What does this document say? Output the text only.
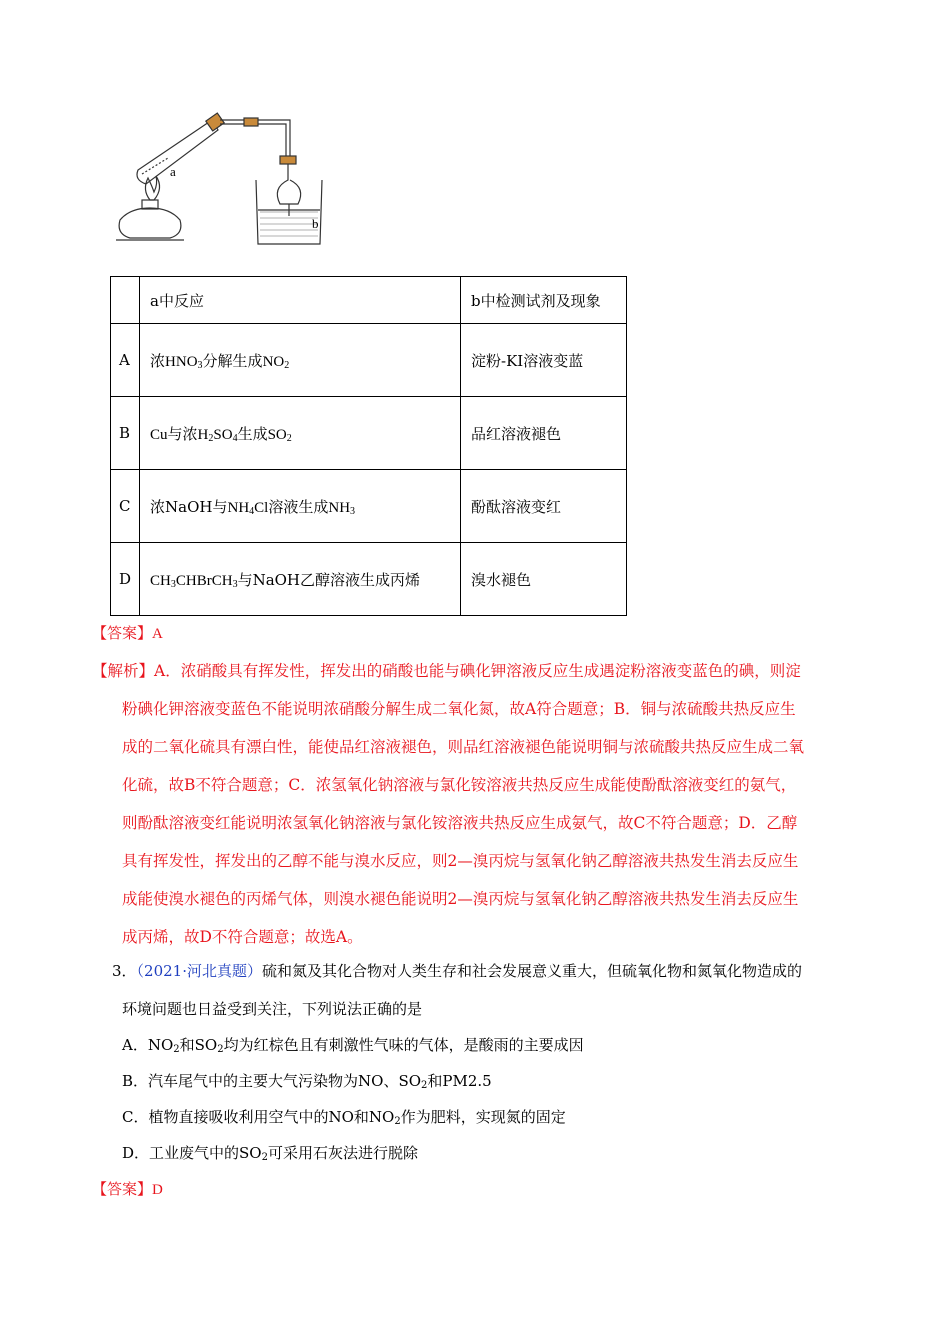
a
b
	a中反应	b中检测试剂及现象
A	浓$HNO_3$分解生成$NO_2$	淀粉-KI溶液变蓝
B	Cu与浓$H_2SO_4$生成$SO_2$	品红溶液褪色
C	浓NaOH与$NH_4Cl$溶液生成$NH_3$	酚酞溶液变红
D	$CH_3CHBrCH_3$与NaOH乙醇溶液生成丙烯	溴水褪色
【答案】A
【解析】A．浓硝酸具有挥发性，挥发出的硝酸也能与碘化钾溶液反应生成遇淀粉溶液变蓝色的碘，则淀
粉碘化钾溶液变蓝色不能说明浓硝酸分解生成二氧化氮，故A符合题意；B．铜与浓硫酸共热反应生
成的二氧化硫具有漂白性，能使品红溶液褪色，则品红溶液褪色能说明铜与浓硫酸共热反应生成二氧
化硫，故B不符合题意；C．浓氢氧化钠溶液与氯化铵溶液共热反应生成能使酚酞溶液变红的氨气，
则酚酞溶液变红能说明浓氢氧化钠溶液与氯化铵溶液共热反应生成氨气，故C不符合题意；D．乙醇
具有挥发性，挥发出的乙醇不能与溴水反应，则2—溴丙烷与氢氧化钠乙醇溶液共热发生消去反应生
成能使溴水褪色的丙烯气体，则溴水褪色能说明2—溴丙烷与氢氧化钠乙醇溶液共热发生消去反应生
成丙烯，故D不符合题意；故选A。
3．（2021·河北真题）硫和氮及其化合物对人类生存和社会发展意义重大，但硫氧化物和氮氧化物造成的
环境问题也日益受到关注，下列说法正确的是
A．$NO_2$和$SO_2$均为红棕色且有刺激性气味的气体，是酸雨的主要成因
B．汽车尾气中的主要大气污染物为NO、$SO_2$和PM2.5
C．植物直接吸收利用空气中的NO和$NO_2$作为肥料，实现氮的固定
D．工业废气中的$SO_2$可采用石灰法进行脱除
【答案】D
